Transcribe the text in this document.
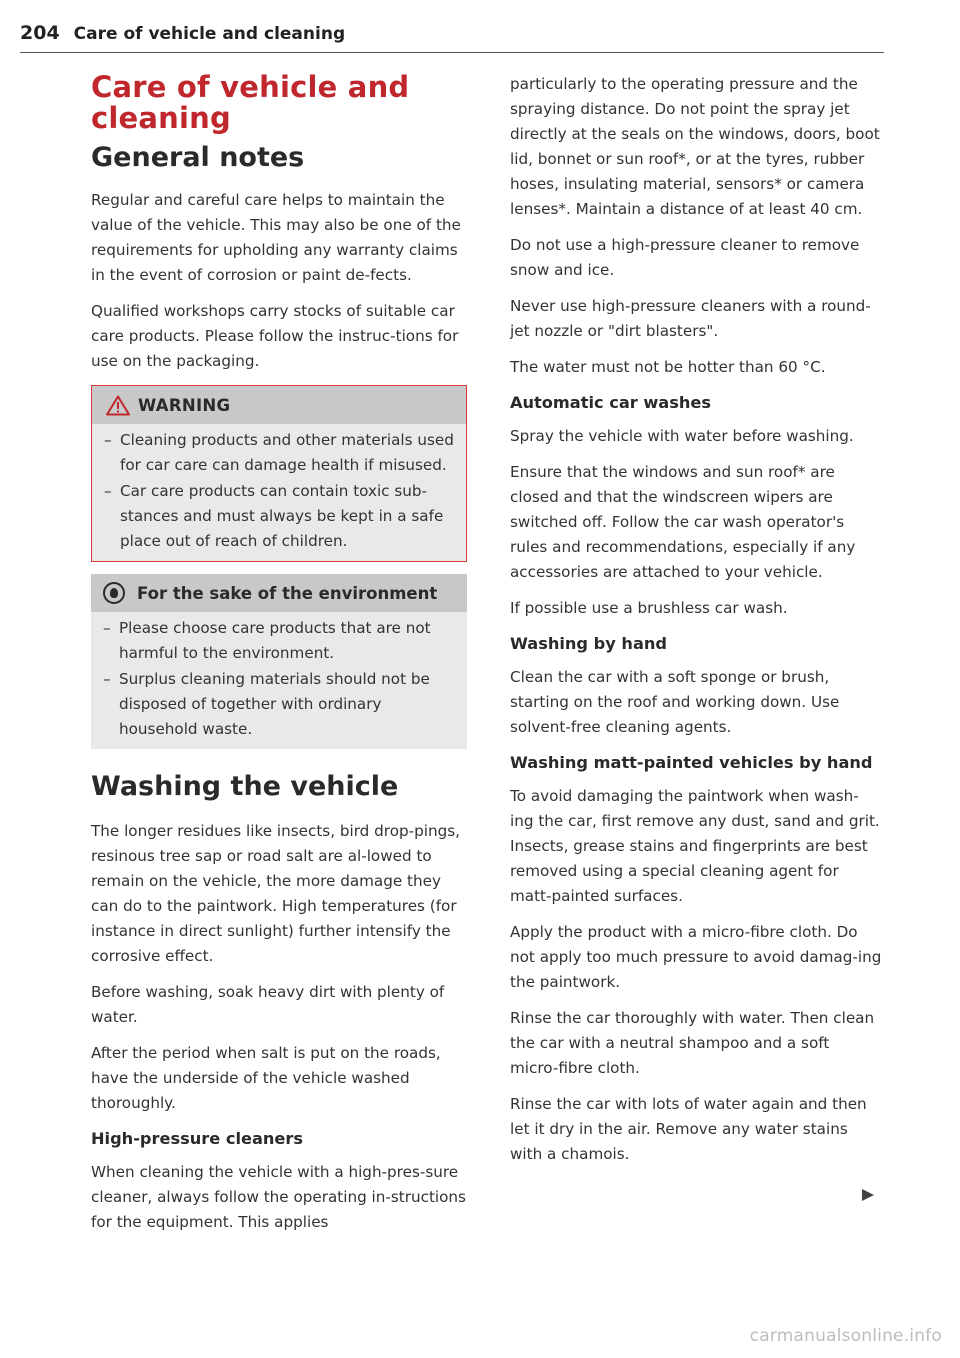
204 Care of vehicle and cleaning
Care of vehicle and cleaning
General notes

Regular and careful care helps to maintain the value of the vehicle. This may also be one of the requirements for upholding any warranty claims in the event of corrosion or paint de-fects.

Qualified workshops carry stocks of suitable car care products. Please follow the instruc-tions for use on the packaging.

WARNING
– Cleaning products and other materials used for car care can damage health if misused.
– Car care products can contain toxic sub-stances and must always be kept in a safe place out of reach of children.
For the sake of the environment
– Please choose care products that are not harmful to the environment.
– Surplus cleaning materials should not be disposed of together with ordinary household waste.
Washing the vehicle

The longer residues like insects, bird drop-pings, resinous tree sap or road salt are al-lowed to remain on the vehicle, the more damage they can do to the paintwork. High temperatures (for instance in direct sunlight) further intensify the corrosive effect.

Before washing, soak heavy dirt with plenty of water.

After the period when salt is put on the roads, have the underside of the vehicle washed thoroughly.

High-pressure cleaners

When cleaning the vehicle with a high-pres-sure cleaner, always follow the operating in-structions for the equipment. This applies

particularly to the operating pressure and the spraying distance. Do not point the spray jet directly at the seals on the windows, doors, boot lid, bonnet or sun roof*, or at the tyres, rubber hoses, insulating material, sensors* or camera lenses*. Maintain a distance of at least 40 cm.

Do not use a high-pressure cleaner to remove snow and ice.

Never use high-pressure cleaners with a round-jet nozzle or "dirt blasters".

The water must not be hotter than 60 °C.

Automatic car washes

Spray the vehicle with water before washing.

Ensure that the windows and sun roof* are closed and that the windscreen wipers are switched off. Follow the car wash operator's rules and recommendations, especially if any accessories are attached to your vehicle.

If possible use a brushless car wash.

Washing by hand

Clean the car with a soft sponge or brush, starting on the roof and working down. Use solvent-free cleaning agents.

Washing matt-painted vehicles by hand

To avoid damaging the paintwork when wash-ing the car, first remove any dust, sand and grit. Insects, grease stains and fingerprints are best removed using a special cleaning agent for matt-painted surfaces.

Apply the product with a micro-fibre cloth. Do not apply too much pressure to avoid damag-ing the paintwork.

Rinse the car thoroughly with water. Then clean the car with a neutral shampoo and a soft micro-fibre cloth.

Rinse the car with lots of water again and then let it dry in the air. Remove any water stains with a chamois.

carmanualsonline.info
